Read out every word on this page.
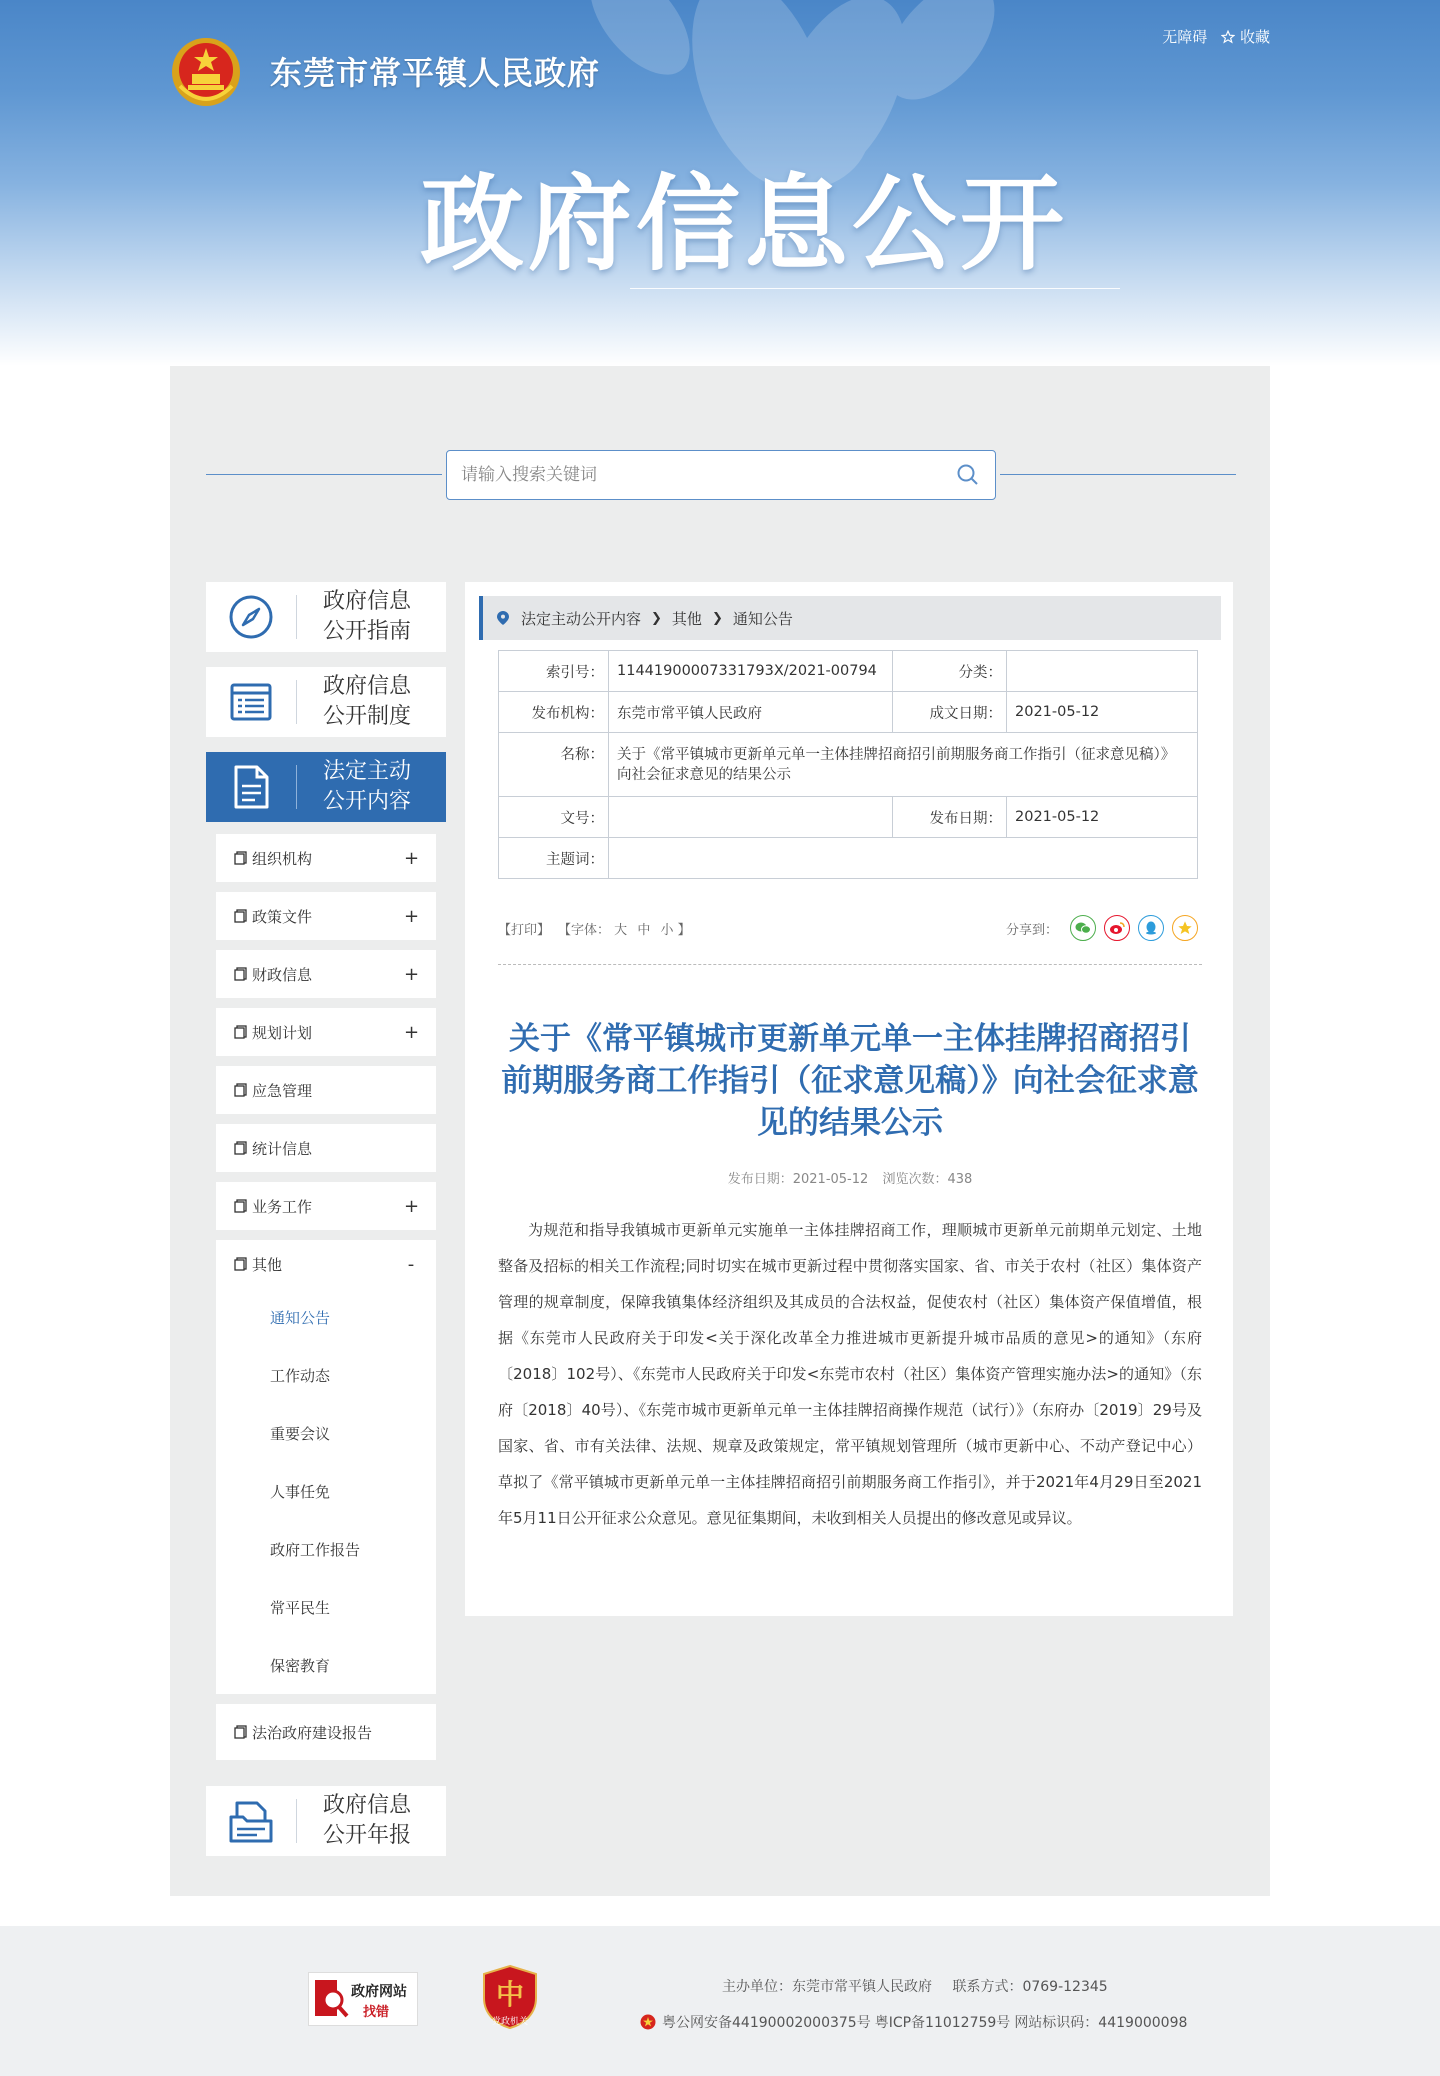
东莞市常平镇人民政府
无障碍	收藏
政府信息公开
请输入搜索关键词
政府信息
公开指南
政府信息
公开制度
法定主动
公开内容
组织机构	+
政策文件	+
财政信息	+
规划计划	+
应急管理
统计信息
业务工作	+
其他	-
通知公告
工作动态
重要会议
人事任免
政府工作报告
常平民生
保密教育
法治政府建设报告
政府信息
公开年报
法定主动公开内容 ❯ 其他 ❯ 通知公告
索引号：	11441900007331793X/2021-00794	分类：	
发布机构：	东莞市常平镇人民政府	成文日期：	2021-05-12
名称：	关于《常平镇城市更新单元单一主体挂牌招商招引前期服务商工作指引（征求意见稿）》向社会征求意见的结果公示		
文号：		发布日期：	2021-05-12
主题词：			
【打印】 【字体： 大 中 小 】	分享到：
关于《常平镇城市更新单元单一主体挂牌招商招引前期服务商工作指引（征求意见稿）》向社会征求意见的结果公示
发布日期：2021-05-12 浏览次数：438
为规范和指导我镇城市更新单元实施单一主体挂牌招商工作，理顺城市更新单元前期单元划定、土地整备及招标的相关工作流程;同时切实在城市更新过程中贯彻落实国家、省、市关于农村（社区）集体资产管理的规章制度，保障我镇集体经济组织及其成员的合法权益，促使农村（社区）集体资产保值增值，根据《东莞市人民政府关于印发<关于深化改革全力推进城市更新提升城市品质的意见>的通知》（东府〔2018〕102号）、《东莞市人民政府关于印发<东莞市农村（社区）集体资产管理实施办法>的通知》（东府〔2018〕40号）、《东莞市城市更新单元单一主体挂牌招商操作规范（试行）》（东府办〔2019〕29号及国家、省、市有关法律、法规、规章及政策规定，常平镇规划管理所（城市更新中心、不动产登记中心）草拟了《常平镇城市更新单元单一主体挂牌招商招引前期服务商工作指引》，并于2021年4月29日至2021年5月11日公开征求公众意见。意见征集期间，未收到相关人员提出的修改意见或异议。
政府网站
找错
中
党政机关
主办单位：东莞市常平镇人民政府 联系方式：0769-12345
粤公网安备44190002000375号 粤ICP备11012759号 网站标识码：4419000098
